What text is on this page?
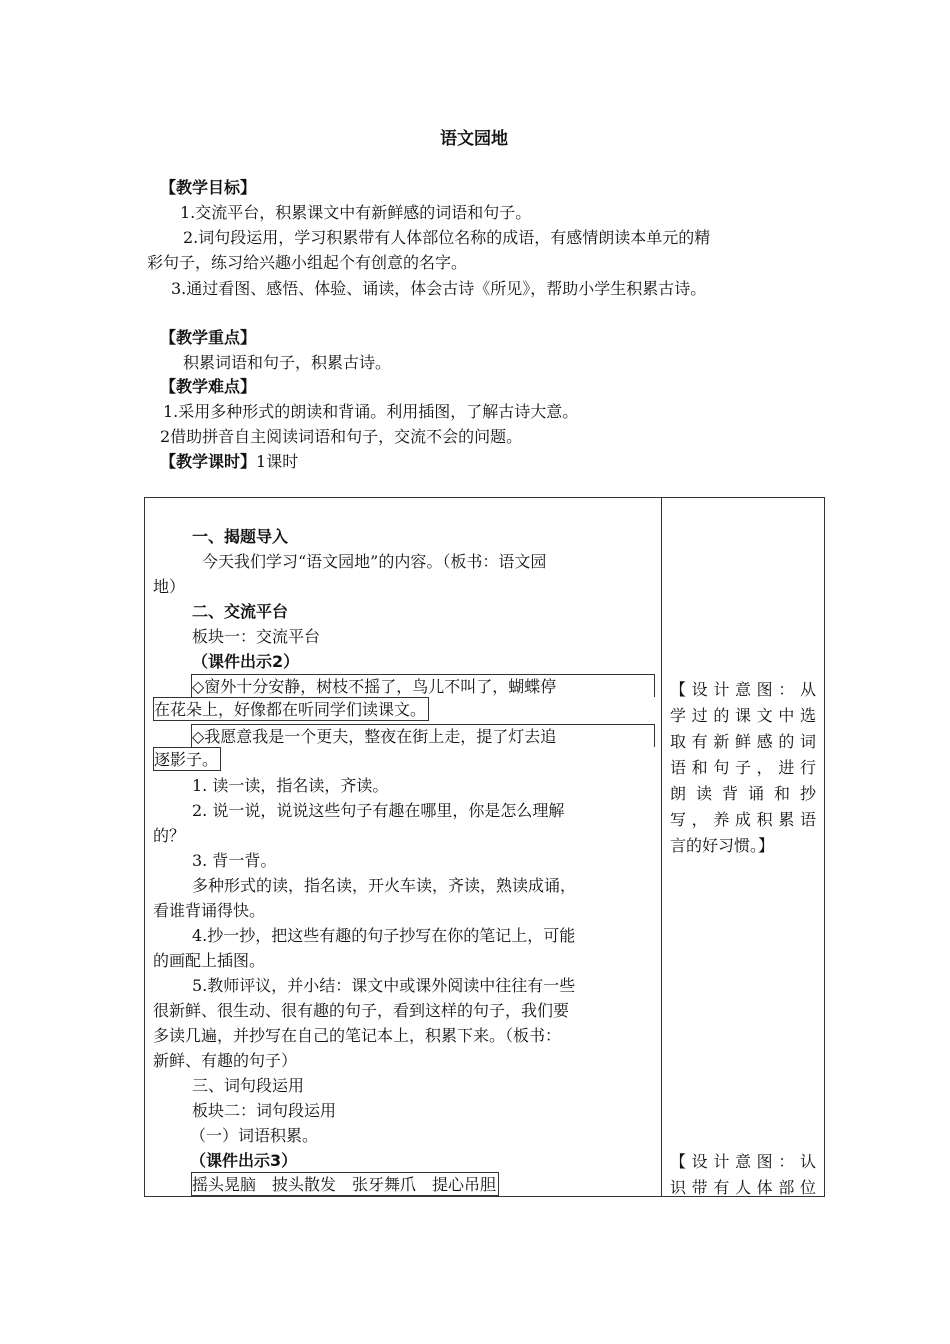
语文园地
【教学目标】
1.交流平台，积累课文中有新鲜感的词语和句子。
2.词句段运用，学习积累带有人体部位名称的成语，有感情朗读本单元的精
彩句子，练习给兴趣小组起个有创意的名字。
3.通过看图、感悟、体验、诵读，体会古诗《所见》，帮助小学生积累古诗。
【教学重点】
积累词语和句子，积累古诗。
【教学难点】
1.采用多种形式的朗读和背诵。利用插图，了解古诗大意。
2借助拼音自主阅读词语和句子，交流不会的问题。
【教学课时】1课时
一、揭题导入
今天我们学习“语文园地”的内容。（板书：语文园
地）
二、交流平台
板块一：交流平台
（课件出示2）
◇窗外十分安静，树枝不摇了，鸟儿不叫了，蝴蝶停
在花朵上，好像都在听同学们读课文。
◇我愿意我是一个更夫，整夜在街上走，提了灯去追
逐影子。
1. 读一读，指名读，齐读。
2. 说一说，说说这些句子有趣在哪里，你是怎么理解
的？
3. 背一背。
多种形式的读，指名读，开火车读，齐读，熟读成诵，
看谁背诵得快。
4.抄一抄，把这些有趣的句子抄写在你的笔记上，可能
的画配上插图。
5.教师评议，并小结：课文中或课外阅读中往往有一些
很新鲜、很生动、很有趣的句子，看到这样的句子，我们要
多读几遍，并抄写在自己的笔记本上，积累下来。（板书：
新鲜、有趣的句子）
三、词句段运用
板块二：词句段运用
（一）词语积累。
（课件出示3）
摇头晃脑　披头散发　张牙舞爪　提心吊胆
【设计意图：从
学过的课文中选
取有新鲜感的词
语和句子，进行
朗读背诵和抄
写，养成积累语
言的好习惯。】
【设计意图：认
识带有人体部位
